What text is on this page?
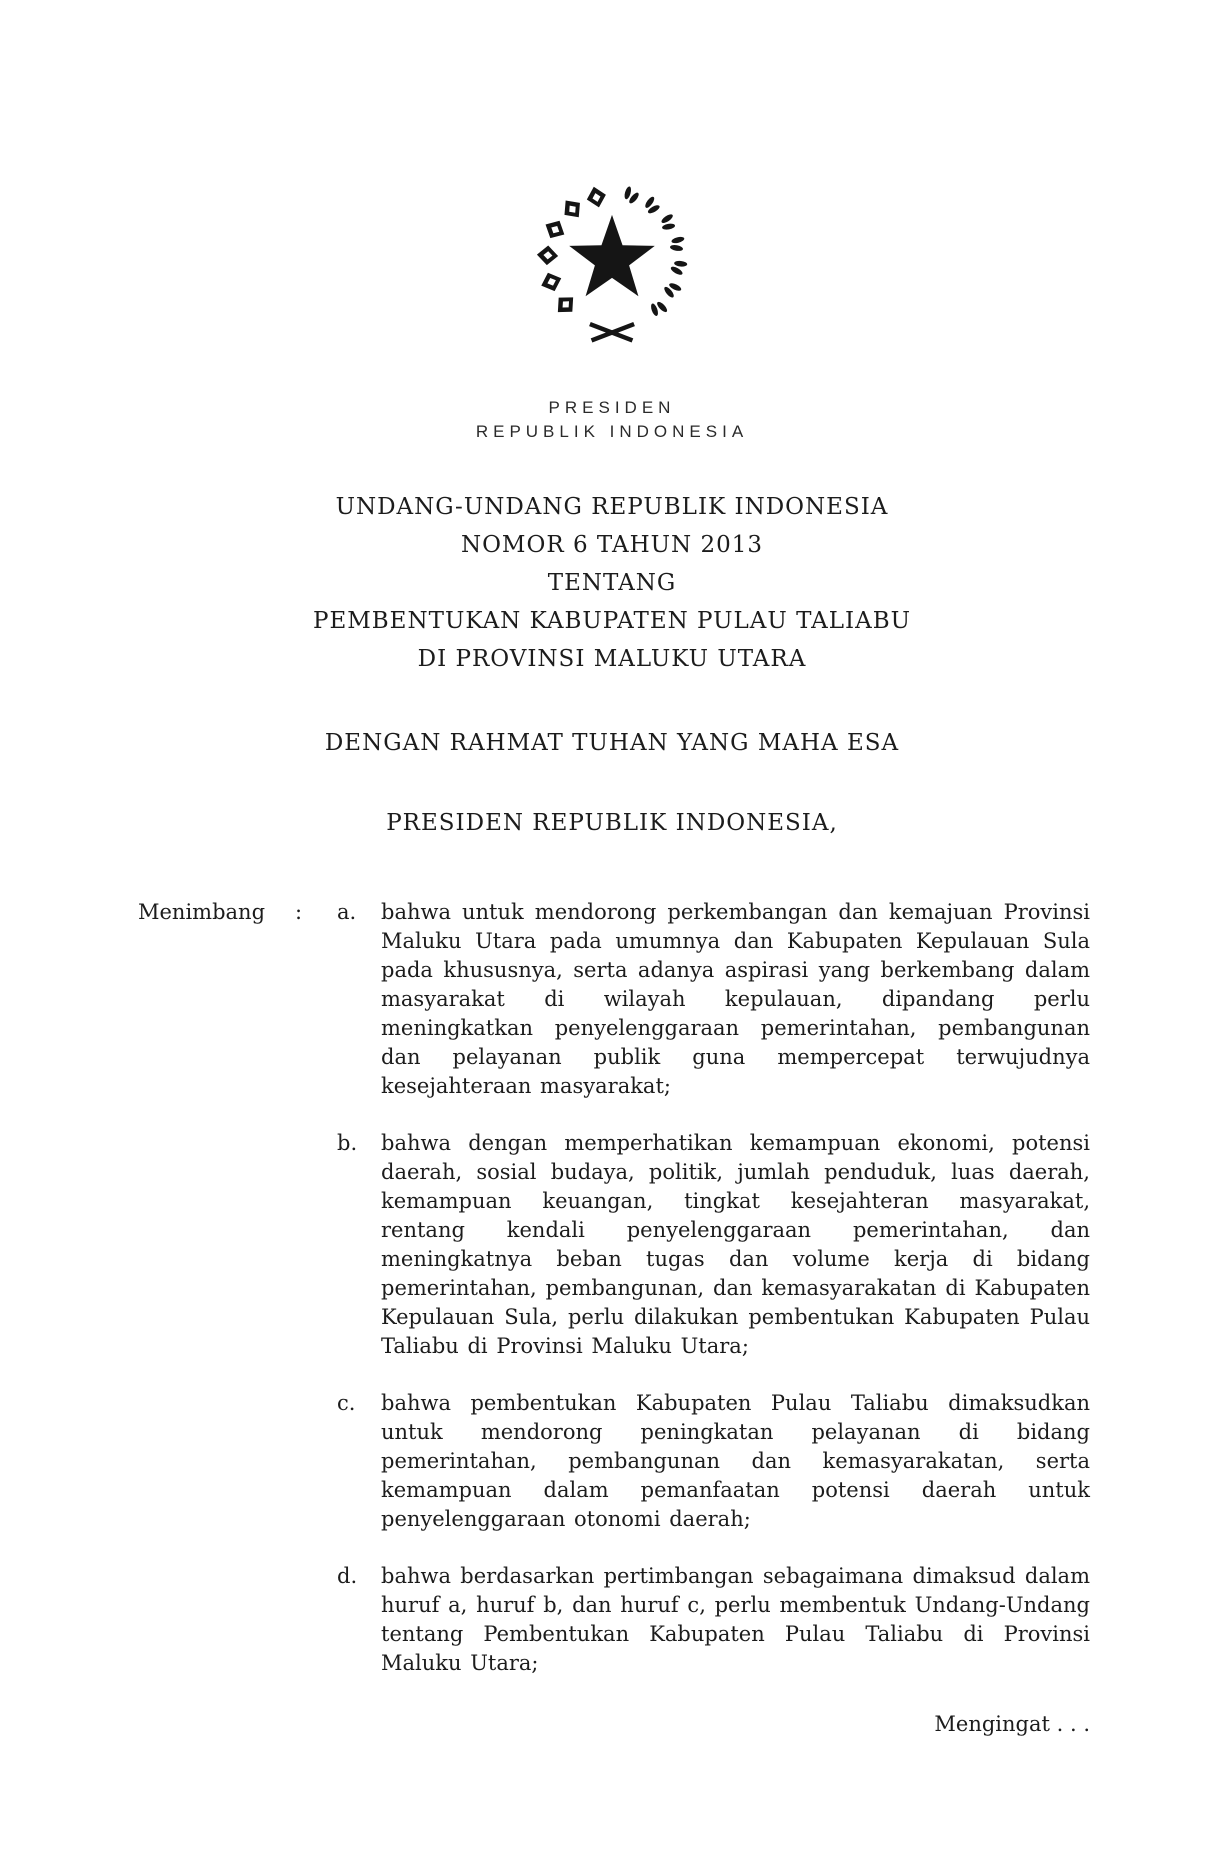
PRESIDEN
REPUBLIK INDONESIA
UNDANG-UNDANG REPUBLIK INDONESIA
NOMOR 6 TAHUN 2013
TENTANG
PEMBENTUKAN KABUPATEN PULAU TALIABU
DI PROVINSI MALUKU UTARA
DENGAN RAHMAT TUHAN YANG MAHA ESA
PRESIDEN REPUBLIK INDONESIA,
Menimbang	:	a.	bahwa untuk mendorong perkembangan dan kemajuan Provinsi Maluku Utara pada umumnya dan Kabupaten Kepulauan Sula pada khususnya, serta adanya aspirasi yang berkembang dalam masyarakat di wilayah kepulauan, dipandang perlu meningkatkan penyelenggaraan pemerintahan, pembangunan dan pelayanan publik guna mempercepat terwujudnya kesejahteraan masyarakat;
b.	bahwa dengan memperhatikan kemampuan ekonomi, potensi daerah, sosial budaya, politik, jumlah penduduk, luas daerah, kemampuan keuangan, tingkat kesejahteran masyarakat, rentang kendali penyelenggaraan pemerintahan, dan meningkatnya beban tugas dan volume kerja di bidang pemerintahan, pembangunan, dan kemasyarakatan di Kabupaten Kepulauan Sula, perlu dilakukan pembentukan Kabupaten Pulau Taliabu di Provinsi Maluku Utara;
c.	bahwa pembentukan Kabupaten Pulau Taliabu dimaksudkan untuk mendorong peningkatan pelayanan di bidang pemerintahan, pembangunan dan kemasyarakatan, serta kemampuan dalam pemanfaatan potensi daerah untuk penyelenggaraan otonomi daerah;
d.	bahwa berdasarkan pertimbangan sebagaimana dimaksud dalam huruf a, huruf b, dan huruf c, perlu membentuk Undang-Undang tentang Pembentukan Kabupaten Pulau Taliabu di Provinsi Maluku Utara;
Mengingat . . .
